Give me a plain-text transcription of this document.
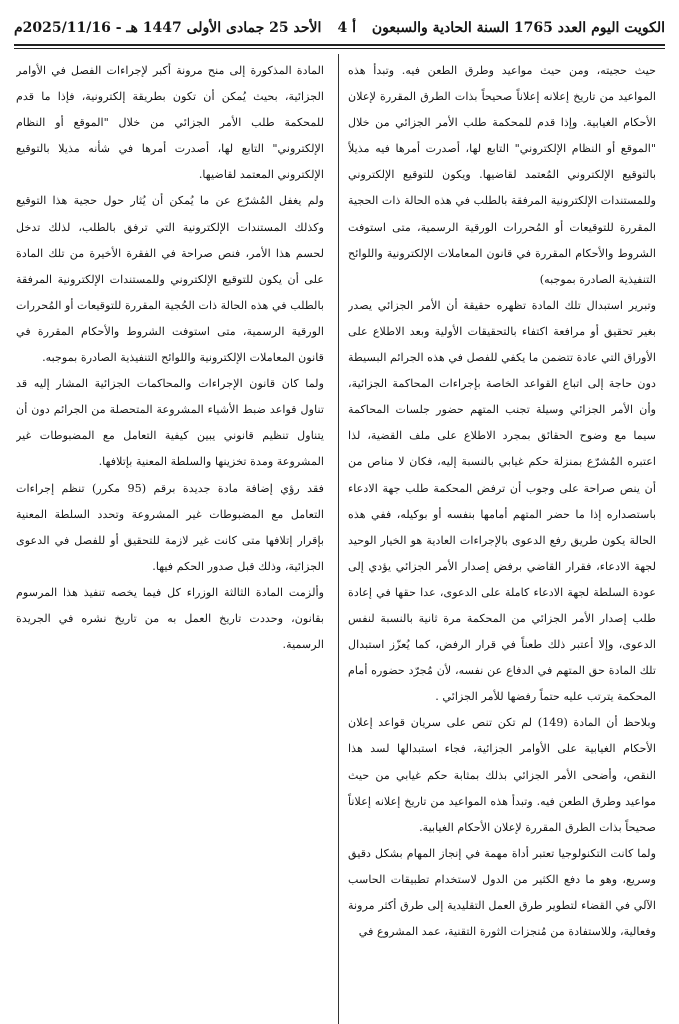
الكويت اليوم العدد 1765 السنة الحادية والسبعون
أ 4
الأحد 25 جمادى الأولى 1447 هـ - 2025/11/16م

حيث حجيته، ومن حيث مواعيد وطرق الطعن فيه. وتبدأ هذه المواعيد من تاريخ إعلانه إعلاناً صحيحاً بذات الطرق المقررة لإعلان الأحكام الغيابية. وإذا قدم للمحكمة طلب الأمر الجزائي من خلال "الموقع أو النظام الإلكتروني" التابع لها، أصدرت أمرها فيه مذيلاً بالتوقيع الإلكتروني المُعتمد لقاضيها. ويكون للتوقيع الإلكتروني وللمستندات الإلكترونية المرفقة بالطلب في هذه الحالة ذات الحجية المقررة للتوقيعات أو المُحررات الورقية الرسمية، متى استوفت الشروط والأحكام المقررة في قانون المعاملات الإلكترونية واللوائح التنفيذية الصادرة بموجبه)

وتبرير استبدال تلك المادة تظهره حقيقة أن الأمر الجزائي يصدر بغير تحقيق أو مرافعة اكتفاء بالتحقيقات الأولية وبعد الاطلاع على الأوراق التي عادة تتضمن ما يكفي للفصل في هذه الجرائم البسيطة دون حاجة إلى اتباع القواعد الخاصة بإجراءات المحاكمة الجزائية، وأن الأمر الجزائي وسيلة تجنب المتهم حضور جلسات المحاكمة سيما مع وضوح الحقائق بمجرد الاطلاع على ملف القضية، لذا اعتبره المُشرّع بمنزلة حكم غيابي بالنسبة إليه، فكان لا مناص من أن ينص صراحة على وجوب أن ترفض المحكمة طلب جهة الادعاء باستصداره إذا ما حضر المتهم أمامها بنفسه أو بوكيله، ففي هذه الحالة يكون طريق رفع الدعوى بالإجراءات العادية هو الخيار الوحيد لجهة الادعاء، فقرار القاضي برفض إصدار الأمر الجزائي يؤدي إلى عودة السلطة لجهة الادعاء كاملة على الدعوى، عدا حقها في إعادة طلب إصدار الأمر الجزائي من المحكمة مرة ثانية بالنسبة لنفس الدعوى، وإلا أعتبر ذلك طعناً في قرار الرفض، كما يُعزّز استبدال تلك المادة حق المتهم في الدفاع عن نفسه، لأن مُجرّد حضوره أمام المحكمة يترتب عليه حتماً رفضها للأمر الجزائي .

وبلاحظ أن المادة (149) لم تكن تنص على سريان قواعد إعلان الأحكام الغيابية على الأوامر الجزائية، فجاء استبدالها لسد هذا النقص، وأضحى الأمر الجزائي بذلك بمثابة حكم غيابي من حيث مواعيد وطرق الطعن فيه. وتبدأ هذه المواعيد من تاريخ إعلانه إعلاناً صحيحاً بذات الطرق المقررة لإعلان الأحكام الغيابية.

ولما كانت التكنولوجيا تعتبر أداة مهمة في إنجاز المهام بشكل دقيق وسريع، وهو ما دفع الكثير من الدول لاستخدام تطبيقات الحاسب الآلي في القضاء لتطوير طرق العمل التقليدية إلى طرق أكثر مرونة وفعالية، وللاستفادة من مُنجزات الثورة التقنية، عمد المشروع في

المادة المذكورة إلى منح مرونة أكبر لإجراءات الفصل في الأوامر الجزائية، بحيث يُمكن أن تكون بطريقة إلكترونية، فإذا ما قدم للمحكمة طلب الأمر الجزائي من خلال "الموقع أو النظام الإلكتروني" التابع لها، أصدرت أمرها في شأنه مذيلا بالتوقيع الإلكتروني المعتمد لقاضيها.

ولم يغفل المُشرّع عن ما يُمكن أن يُثار حول حجية هذا التوقيع وكذلك المستندات الإلكترونية التي ترفق بالطلب، لذلك تدخل لحسم هذا الأمر، فنص صراحة في الفقرة الأخيرة من تلك المادة على أن يكون للتوقيع الإلكتروني وللمستندات الإلكترونية المرفقة بالطلب في هذه الحالة ذات الحُجية المقررة للتوقيعات أو المُحررات الورقية الرسمية، متى استوفت الشروط والأحكام المقررة في قانون المعاملات الإلكترونية واللوائح التنفيذية الصادرة بموجبه.

ولما كان قانون الإجراءات والمحاكمات الجزائية المشار إليه قد تناول قواعد ضبط الأشياء المشروعة المتحصلة من الجرائم دون أن يتناول تنظيم قانوني يبين كيفية التعامل مع المضبوطات غير المشروعة ومدة تخزينها والسلطة المعنية بإتلافها.

فقد رؤي إضافة مادة جديدة برقم (95 مكرر) تنظم إجراءات التعامل مع المضبوطات غير المشروعة وتحدد السلطة المعنية بإقرار إتلافها متى كانت غير لازمة للتحقيق أو للفصل في الدعوى الجزائية، وذلك قبل صدور الحكم فيها.

وألزمت المادة الثالثة الوزراء كل فيما يخصه تنفيذ هذا المرسوم بقانون، وحددت تاريخ العمل به من تاريخ نشره في الجريدة الرسمية.
